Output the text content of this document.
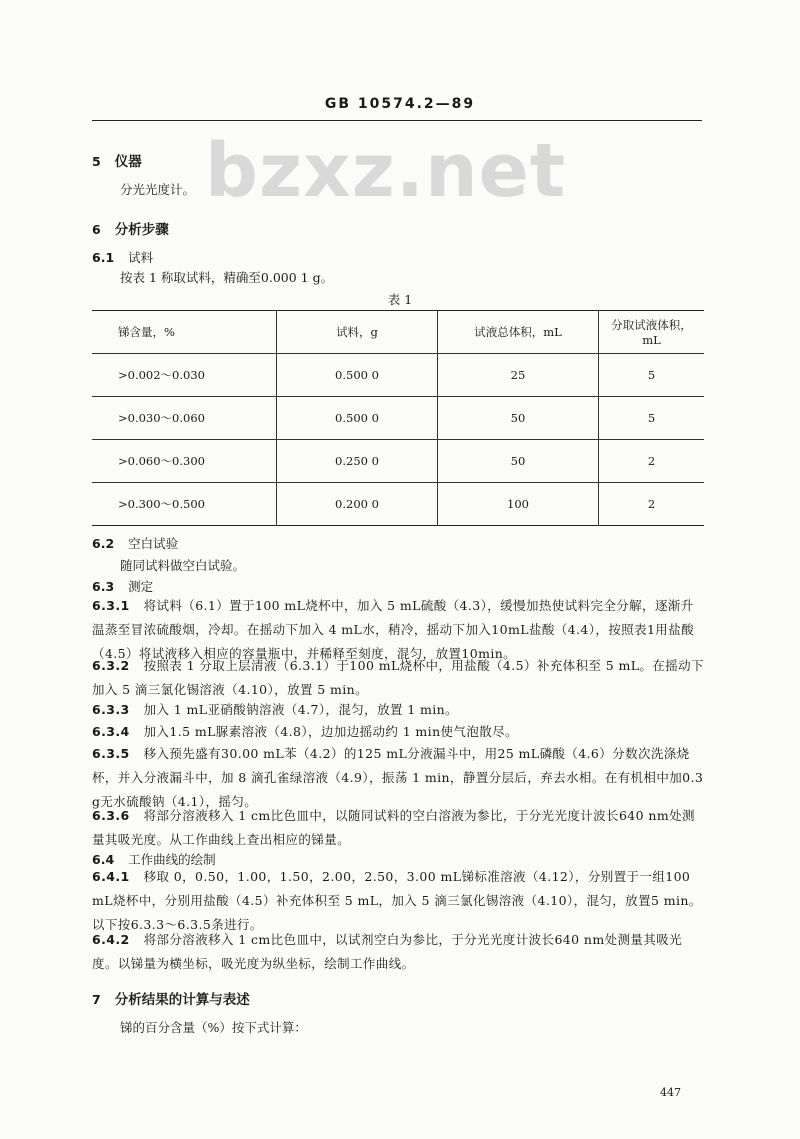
GB 10574.2—89
bzxz.net
5 仪器
分光光度计。
6 分析步骤
6.1 试料
按表 1 称取试料，精确至0.000 1 g。
表 1
锑含量，%	试料，g	试液总体积，mL	分取试液体积，mL
>0.002～0.030	0.500 0	25	5
>0.030～0.060	0.500 0	50	5
>0.060～0.300	0.250 0	50	2
>0.300～0.500	0.200 0	100	2
6.2 空白试验
随同试料做空白试验。
6.3 测定
6.3.1 将试料（6.1）置于100 mL烧杯中，加入 5 mL硫酸（4.3），缓慢加热使试料完全分解，逐渐升温蒸至冒浓硫酸烟，冷却。在摇动下加入 4 mL水，稍冷，摇动下加入10mL盐酸（4.4），按照表1用盐酸（4.5）将试液移入相应的容量瓶中，并稀释至刻度，混匀，放置10min。
6.3.2 按照表 1 分取上层清液（6.3.1）于100 mL烧杯中，用盐酸（4.5）补充体积至 5 mL。在摇动下加入 5 滴三氯化锡溶液（4.10），放置 5 min。
6.3.3 加入 1 mL亚硝酸钠溶液（4.7），混匀，放置 1 min。
6.3.4 加入1.5 mL脲素溶液（4.8），边加边摇动约 1 min使气泡散尽。
6.3.5 移入预先盛有30.00 mL苯（4.2）的125 mL分液漏斗中，用25 mL磷酸（4.6）分数次洗涤烧杯，并入分液漏斗中，加 8 滴孔雀绿溶液（4.9），振荡 1 min，静置分层后，弃去水相。在有机相中加0.3 g无水硫酸钠（4.1），摇匀。
6.3.6 将部分溶液移入 1 cm比色皿中，以随同试料的空白溶液为参比，于分光光度计波长640 nm处测量其吸光度。从工作曲线上查出相应的锑量。
6.4 工作曲线的绘制
6.4.1 移取 0，0.50，1.00，1.50，2.00，2.50，3.00 mL锑标准溶液（4.12），分别置于一组100 mL烧杯中，分别用盐酸（4.5）补充体积至 5 mL，加入 5 滴三氯化锡溶液（4.10），混匀，放置5 min。以下按6.3.3～6.3.5条进行。
6.4.2 将部分溶液移入 1 cm比色皿中，以试剂空白为参比，于分光光度计波长640 nm处测量其吸光度。以锑量为横坐标，吸光度为纵坐标，绘制工作曲线。
7 分析结果的计算与表述
锑的百分含量（%）按下式计算：
447
